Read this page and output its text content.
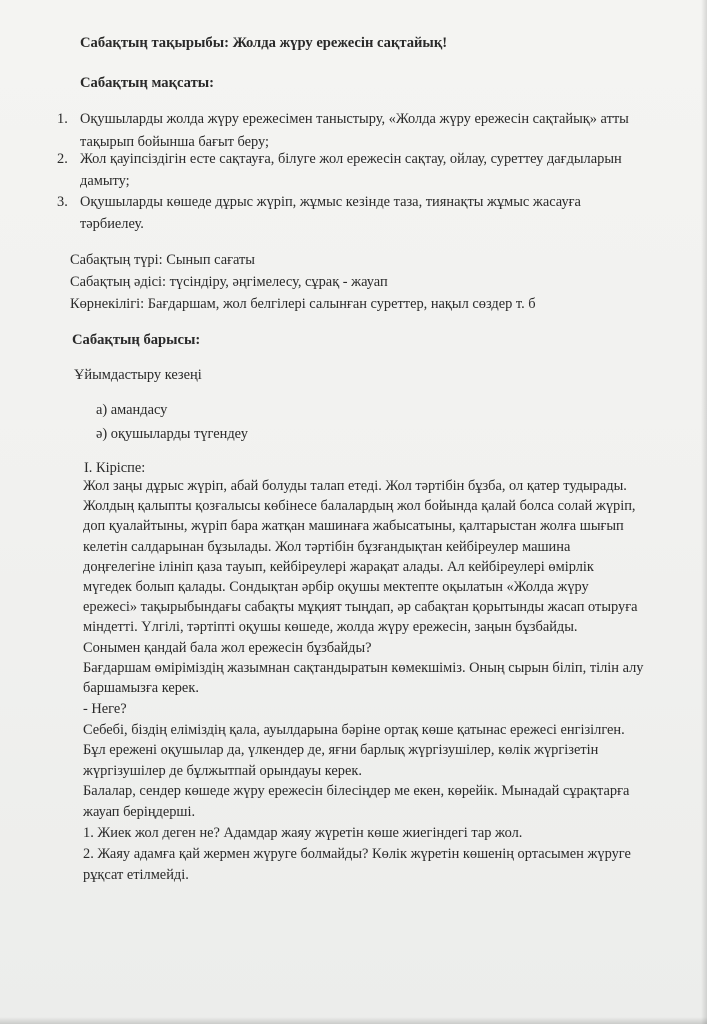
Сабақтың тақырыбы: Жолда жүру ережесін сақтайық!
Сабақтың мақсаты:
1. Оқушыларды жолда жүру ережесімен таныстыру, «Жолда жүру ережесін сақтайық» атты
тақырып бойынша бағыт беру;
2. Жол қауіпсіздігін есте сақтауға, білуге жол ережесін сақтау, ойлау, суреттеу дағдыларын
дамыту;
3. Оқушыларды көшеде дұрыс жүріп, жұмыс кезінде таза, тиянақты жұмыс жасауға
тәрбиелеу.
Сабақтың түрі: Сынып сағаты
Сабақтың әдісі: түсіндіру, әңгімелесу, сұрақ - жауап
Көрнекілігі: Бағдаршам, жол белгілері салынған суреттер, нақыл сөздер т. б
Сабақтың барысы:
Ұйымдастыру кезеңі
а) амандасу
ә) оқушыларды түгендеу
I. Кіріспе:
Жол заңы дұрыс жүріп, абай болуды талап етеді. Жол тәртібін бұзба, ол қатер тудырады.
Жолдың қалыпты қозғалысы көбінесе балалардың жол бойында қалай болса солай жүріп,
доп қуалайтыны, жүріп бара жатқан машинаға жабысатыны, қалтарыстан жолға шығып
келетін салдарынан бұзылады. Жол тәртібін бұзғандықтан кейбіреулер машина
доңғелегіне ілініп қаза тауып, кейбіреулері жарақат алады. Ал кейбіреулері өмірлік
мүгедек болып қалады. Сондықтан әрбір оқушы мектепте оқылатын «Жолда жүру
ережесі» тақырыбындағы сабақты мұқият тыңдап, әр сабақтан қорытынды жасап отыруға
міндетті. Үлгілі, тәртіпті оқушы көшеде, жолда жүру ережесін, заңын бұзбайды.
Сонымен қандай бала жол ережесін бұзбайды?
Бағдаршам өміріміздің жазымнан сақтандыратын көмекшіміз. Оның сырын біліп, тілін алу
баршамызға керек.
- Неге?
Себебі, біздің еліміздің қала, ауылдарына бәріне ортақ көше қатынас ережесі енгізілген.
Бұл ережені оқушылар да, үлкендер де, яғни барлық жүргізушілер, көлік жүргізетін
жүргізушілер де бұлжытпай орындауы керек.
Балалар, сендер көшеде жүру ережесін білесіңдер ме екен, көрейік. Мынадай сұрақтарға
жауап беріңдерші.
1. Жиек жол деген не? Адамдар жаяу жүретін көше жиегіндегі тар жол.
2. Жаяу адамға қай жермен жүруге болмайды? Көлік жүретін көшенің ортасымен жүруге
рұқсат етілмейді.
